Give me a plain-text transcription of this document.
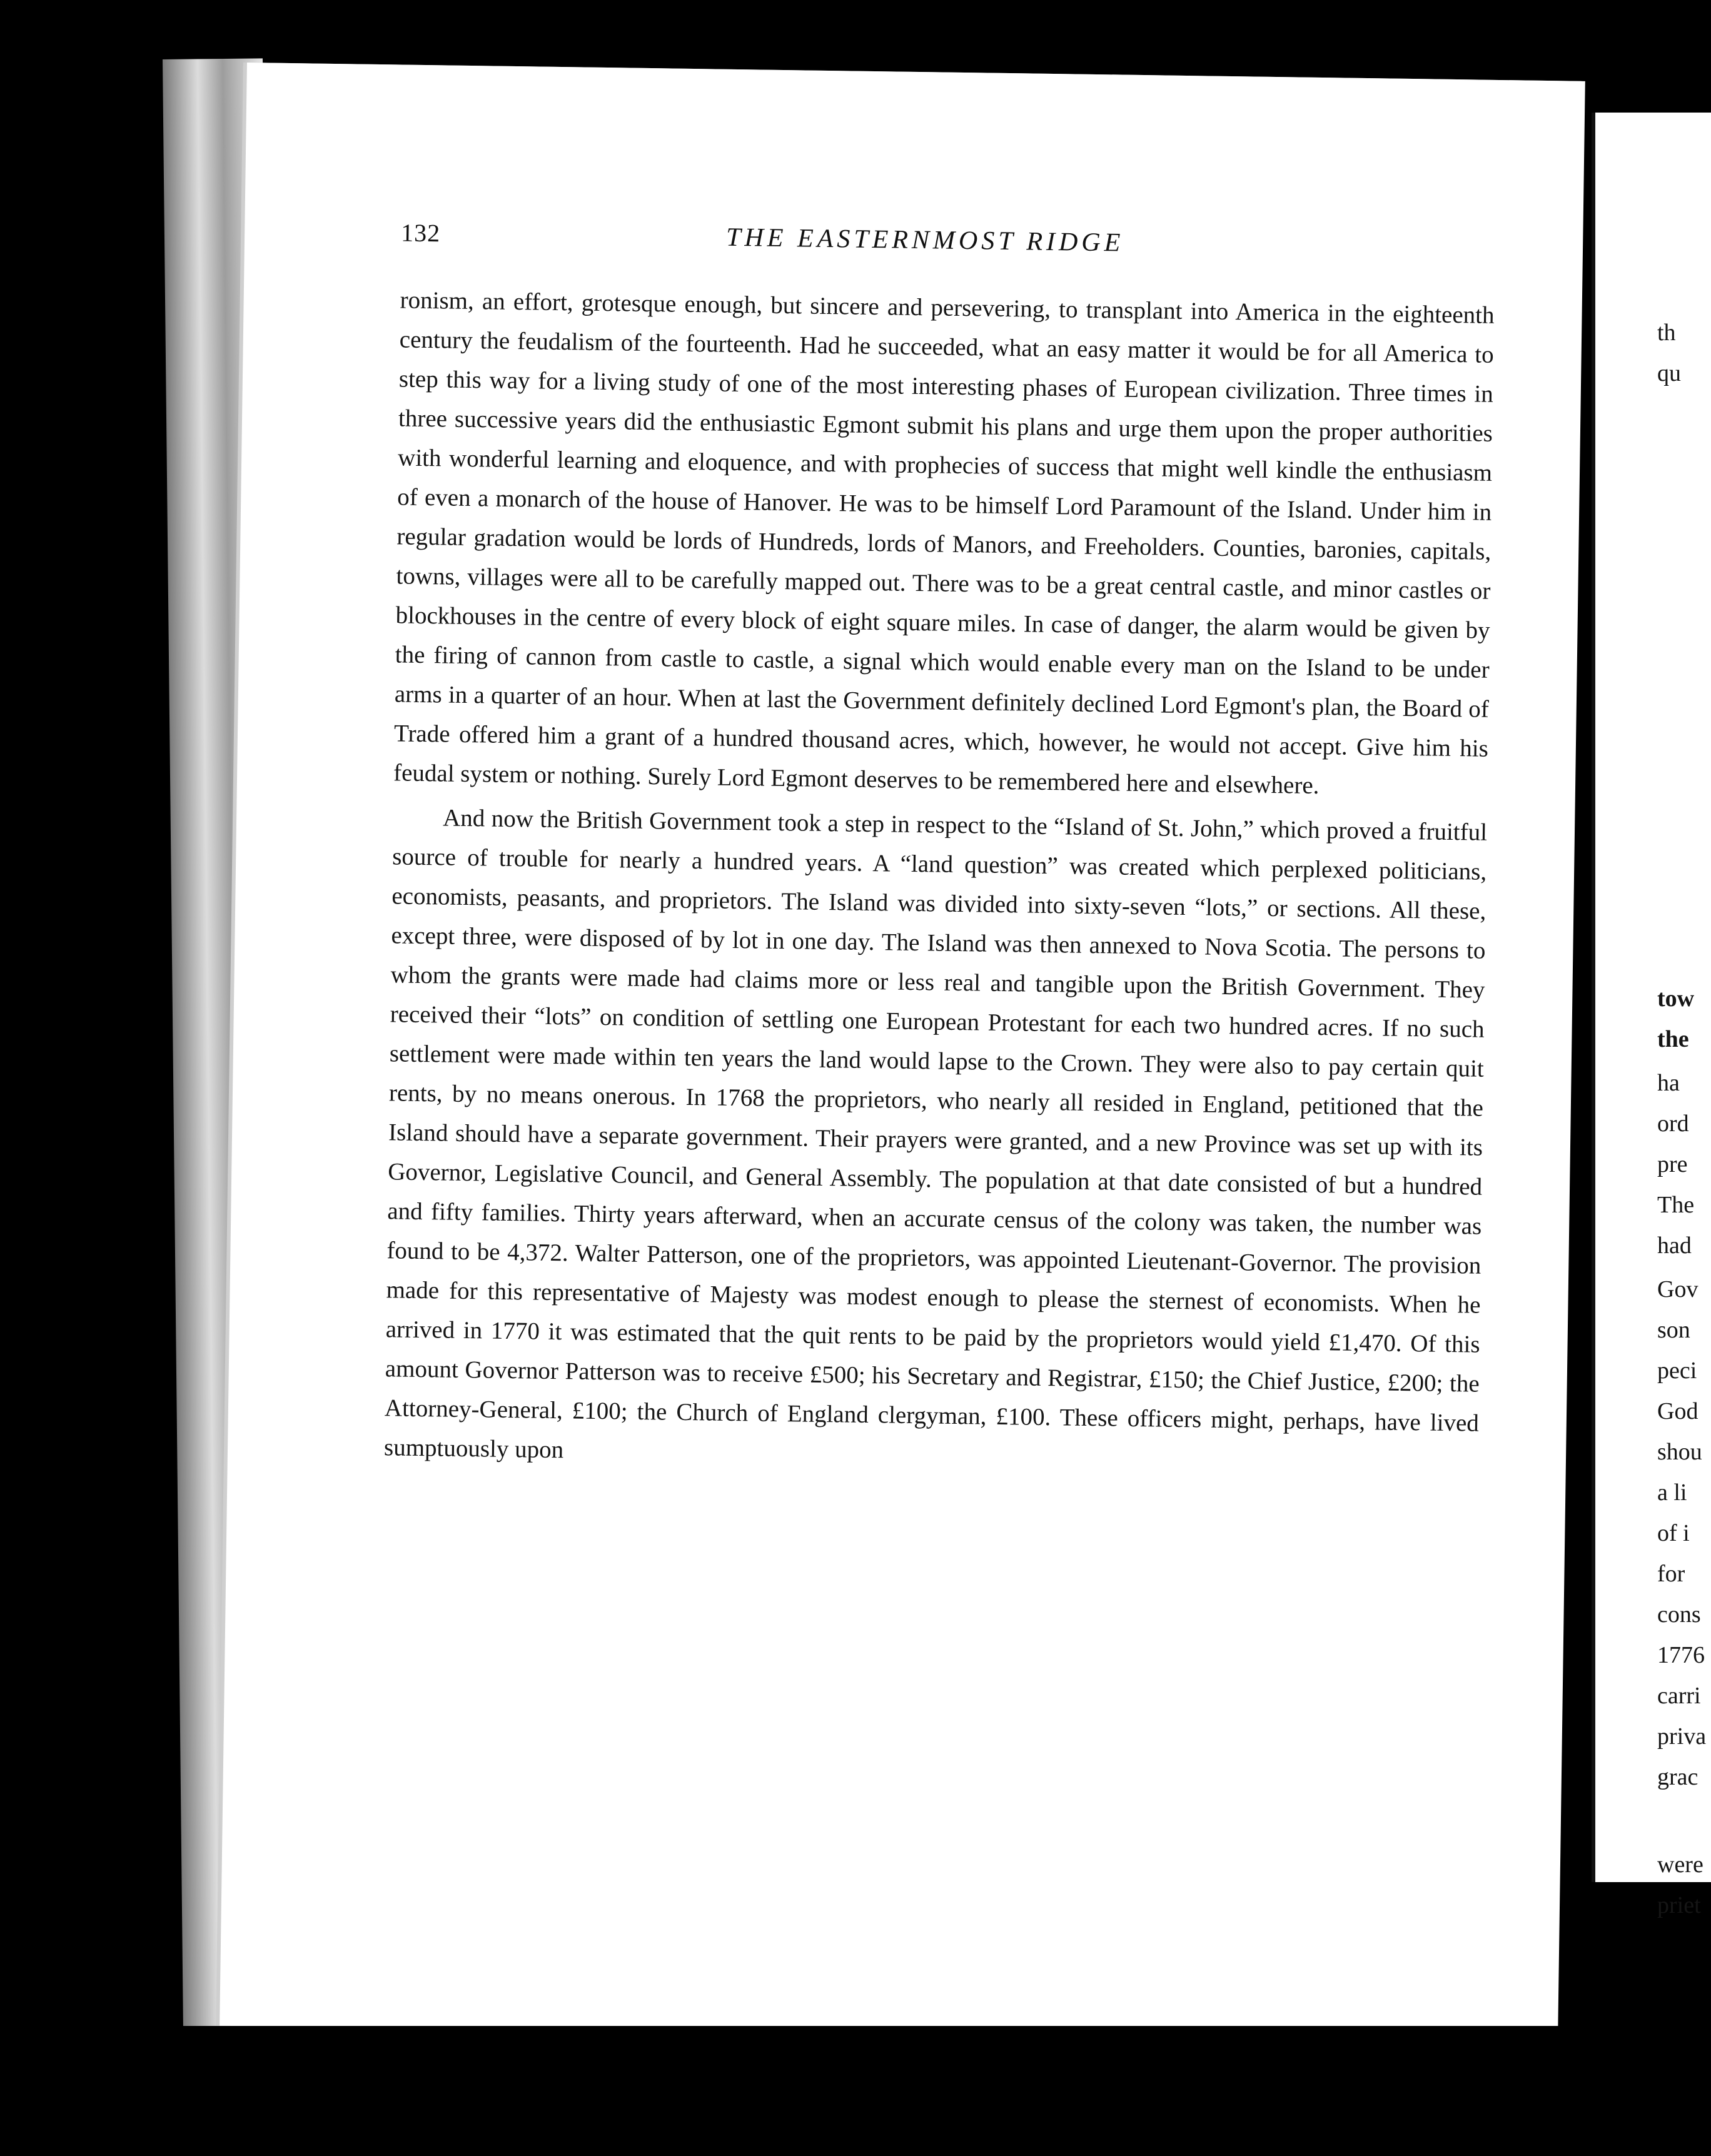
132	THE EASTERNMOST RIDGE

ronism, an effort, grotesque enough, but sincere and persevering, to transplant into America in the eighteenth century the feudalism of the fourteenth. Had he succeeded, what an easy matter it would be for all America to step this way for a living study of one of the most interesting phases of European civilization. Three times in three successive years did the enthusiastic Egmont submit his plans and urge them upon the proper authorities with wonderful learning and eloquence, and with prophecies of success that might well kindle the enthusiasm of even a monarch of the house of Hanover. He was to be himself Lord Paramount of the Island. Under him in regular gradation would be lords of Hundreds, lords of Manors, and Freeholders. Counties, baronies, capitals, towns, villages were all to be carefully mapped out. There was to be a great central castle, and minor castles or blockhouses in the centre of every block of eight square miles. In case of danger, the alarm would be given by the firing of cannon from castle to castle, a signal which would enable every man on the Island to be under arms in a quarter of an hour. When at last the Government definitely declined Lord Egmont's plan, the Board of Trade offered him a grant of a hundred thousand acres, which, however, he would not accept. Give him his feudal system or nothing. Surely Lord Egmont deserves to be remembered here and elsewhere.

And now the British Government took a step in respect to the “Island of St. John,” which proved a fruitful source of trouble for nearly a hundred years. A “land question” was created which perplexed politicians, economists, peasants, and proprietors. The Island was divided into sixty-seven “lots,” or sections. All these, except three, were disposed of by lot in one day. The Island was then annexed to Nova Scotia. The persons to whom the grants were made had claims more or less real and tangible upon the British Government. They received their “lots” on condition of settling one European Protestant for each two hundred acres. If no such settlement were made within ten years the land would lapse to the Crown. They were also to pay certain quit rents, by no means onerous. In 1768 the proprietors, who nearly all resided in England, petitioned that the Island should have a separate government. Their prayers were granted, and a new Province was set up with its Governor, Legislative Council, and General Assembly. The population at that date consisted of but a hundred and fifty families. Thirty years afterward, when an accurate census of the colony was taken, the number was found to be 4,372. Walter Patterson, one of the proprietors, was appointed Lieutenant-Governor. The provision made for this representative of Majesty was modest enough to please the sternest of economists. When he arrived in 1770 it was estimated that the quit rents to be paid by the proprietors would yield £1,470. Of this amount Governor Patterson was to receive £500; his Secretary and Registrar, £150; the Chief Justice, £200; the Attorney-General, £100; the Church of England clergyman, £100. These officers might, perhaps, have lived sumptuously upon

th
qu
tow
the
ha
ord
pre
The
had
Gov
son
peci
God
shou
a li
of i
for
cons
1776
carri
priva
grac
were
priet
